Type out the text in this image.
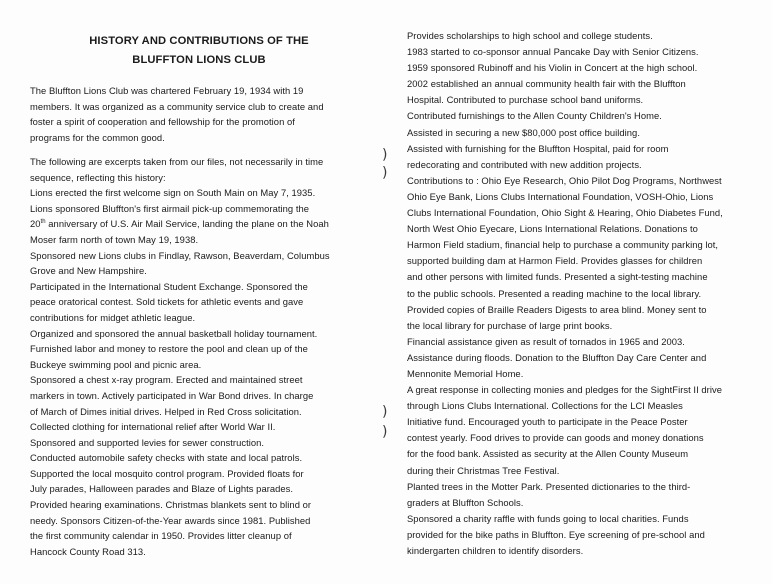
HISTORY AND CONTRIBUTIONS OF THE
BLUFFTON LIONS CLUB
The Bluffton Lions Club was chartered February 19, 1934 with 19
members. It was organized as a community service club to create and
foster a spirit of cooperation and fellowship for the promotion of
programs for the common good.
The following are excerpts taken from our files, not necessarily in time
sequence, reflecting this history:
Lions erected the first welcome sign on South Main on May 7, 1935.
Lions sponsored Bluffton's first airmail pick-up commemorating the
20th anniversary of U.S. Air Mail Service, landing the plane on the Noah
Moser farm north of town May 19, 1938.
Sponsored new Lions clubs in Findlay, Rawson, Beaverdam, Columbus
Grove and New Hampshire.
Participated in the International Student Exchange. Sponsored the
peace oratorical contest. Sold tickets for athletic events and gave
contributions for midget athletic league.
Organized and sponsored the annual basketball holiday tournament.
Furnished labor and money to restore the pool and clean up of the
Buckeye swimming pool and picnic area.
Sponsored a chest x-ray program. Erected and maintained street
markers in town. Actively participated in War Bond drives. In charge
of March of Dimes initial drives. Helped in Red Cross solicitation.
Collected clothing for international relief after World War II.
Sponsored and supported levies for sewer construction.
Conducted automobile safety checks with state and local patrols.
Supported the local mosquito control program. Provided floats for
July parades, Halloween parades and Blaze of Lights parades.
Provided hearing examinations. Christmas blankets sent to blind or
needy. Sponsors Citizen-of-the-Year awards since 1981. Published
the first community calendar in 1950. Provides litter cleanup of
Hancock County Road 313.
)
)
)
)
Provides scholarships to high school and college students.
1983 started to co-sponsor annual Pancake Day with Senior Citizens.
1959 sponsored Rubinoff and his Violin in Concert at the high school.
2002 established an annual community health fair with the Bluffton
Hospital. Contributed to purchase school band uniforms.
Contributed furnishings to the Allen County Children's Home.
Assisted in securing a new $80,000 post office building.
Assisted with furnishing for the Bluffton Hospital, paid for room
redecorating and contributed with new addition projects.
Contributions to : Ohio Eye Research, Ohio Pilot Dog Programs, Northwest
Ohio Eye Bank, Lions Clubs International Foundation, VOSH-Ohio, Lions
Clubs International Foundation, Ohio Sight & Hearing, Ohio Diabetes Fund,
North West Ohio Eyecare, Lions International Relations. Donations to
Harmon Field stadium, financial help to purchase a community parking lot,
supported building dam at Harmon Field. Provides glasses for children
and other persons with limited funds. Presented a sight-testing machine
to the public schools. Presented a reading machine to the local library.
Provided copies of Braille Readers Digests to area blind. Money sent to
the local library for purchase of large print books.
Financial assistance given as result of tornados in 1965 and 2003.
Assistance during floods. Donation to the Bluffton Day Care Center and
Mennonite Memorial Home.
A great response in collecting monies and pledges for the SightFirst II drive
through Lions Clubs International. Collections for the LCI Measles
Initiative fund. Encouraged youth to participate in the Peace Poster
contest yearly. Food drives to provide can goods and money donations
for the food bank. Assisted as security at the Allen County Museum
during their Christmas Tree Festival.
Planted trees in the Motter Park. Presented dictionaries to the third-
graders at Bluffton Schools.
Sponsored a charity raffle with funds going to local charities. Funds
provided for the bike paths in Bluffton. Eye screening of pre-school and
kindergarten children to identify disorders.
